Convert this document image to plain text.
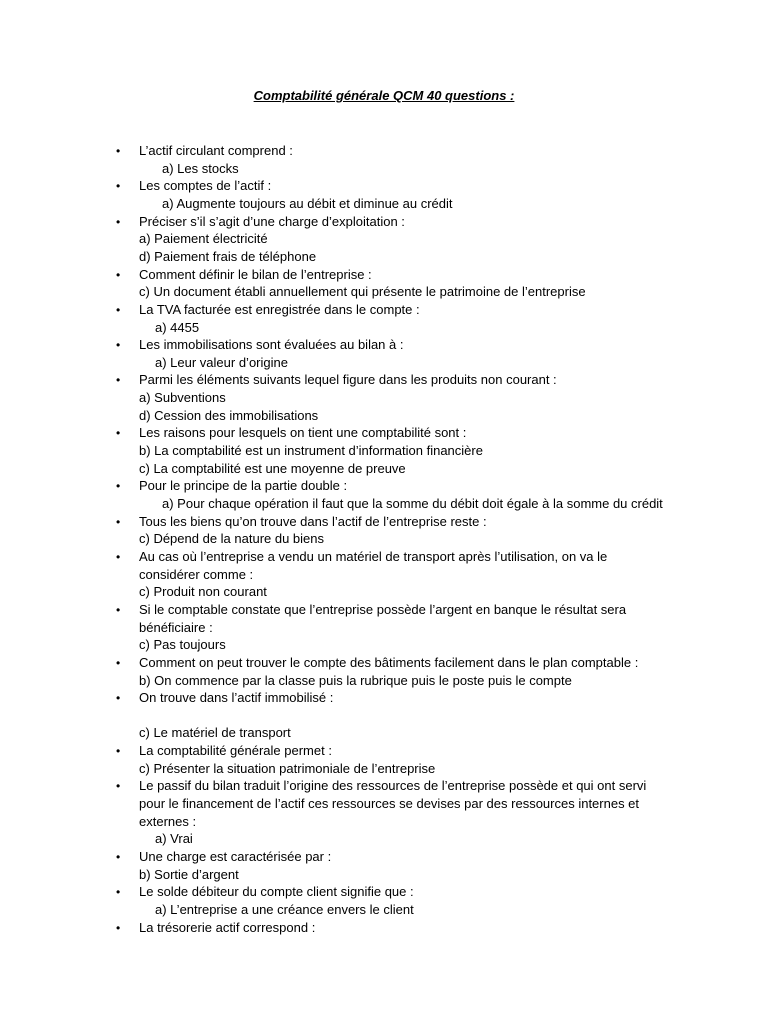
Comptabilité générale QCM 40 questions :
• L’actif circulant comprend :
a) Les stocks
• Les comptes de l’actif :
a) Augmente toujours au débit et diminue au crédit
• Préciser s’il s’agit d’une charge d’exploitation :
a) Paiement électricité
d) Paiement frais de téléphone
• Comment définir le bilan de l’entreprise :
c) Un document établi annuellement qui présente le patrimoine de l’entreprise
• La TVA facturée est enregistrée dans le compte :
a) 4455
• Les immobilisations sont évaluées au bilan à :
a) Leur valeur d’origine
• Parmi les éléments suivants lequel figure dans les produits non courant :
a) Subventions
d) Cession des immobilisations
• Les raisons pour lesquels on tient une comptabilité sont :
b) La comptabilité est un instrument d’information financière
c) La comptabilité est une moyenne de preuve
• Pour le principe de la partie double :
a) Pour chaque opération il faut que la somme du débit doit égale à la somme du crédit
• Tous les biens qu’on trouve dans l’actif de l’entreprise reste :
c) Dépend de la nature du biens
• Au cas où l’entreprise a vendu un matériel de transport après l’utilisation, on va le
considérer comme :
c) Produit non courant
• Si le comptable constate que l’entreprise possède l’argent en banque le résultat sera
bénéficiaire :
c) Pas toujours
• Comment on peut trouver le compte des bâtiments facilement dans le plan comptable :
b) On commence par la classe puis la rubrique puis le poste puis le compte
• On trouve dans l’actif immobilisé :
c) Le matériel de transport
• La comptabilité générale permet :
c) Présenter la situation patrimoniale de l’entreprise
• Le passif du bilan traduit l’origine des ressources de l’entreprise possède et qui ont servi
pour le financement de l’actif ces ressources se devises par des ressources internes et
externes :
a) Vrai
• Une charge est caractérisée par :
b) Sortie d’argent
• Le solde débiteur du compte client signifie que :
a) L’entreprise a une créance envers le client
• La trésorerie actif correspond :
